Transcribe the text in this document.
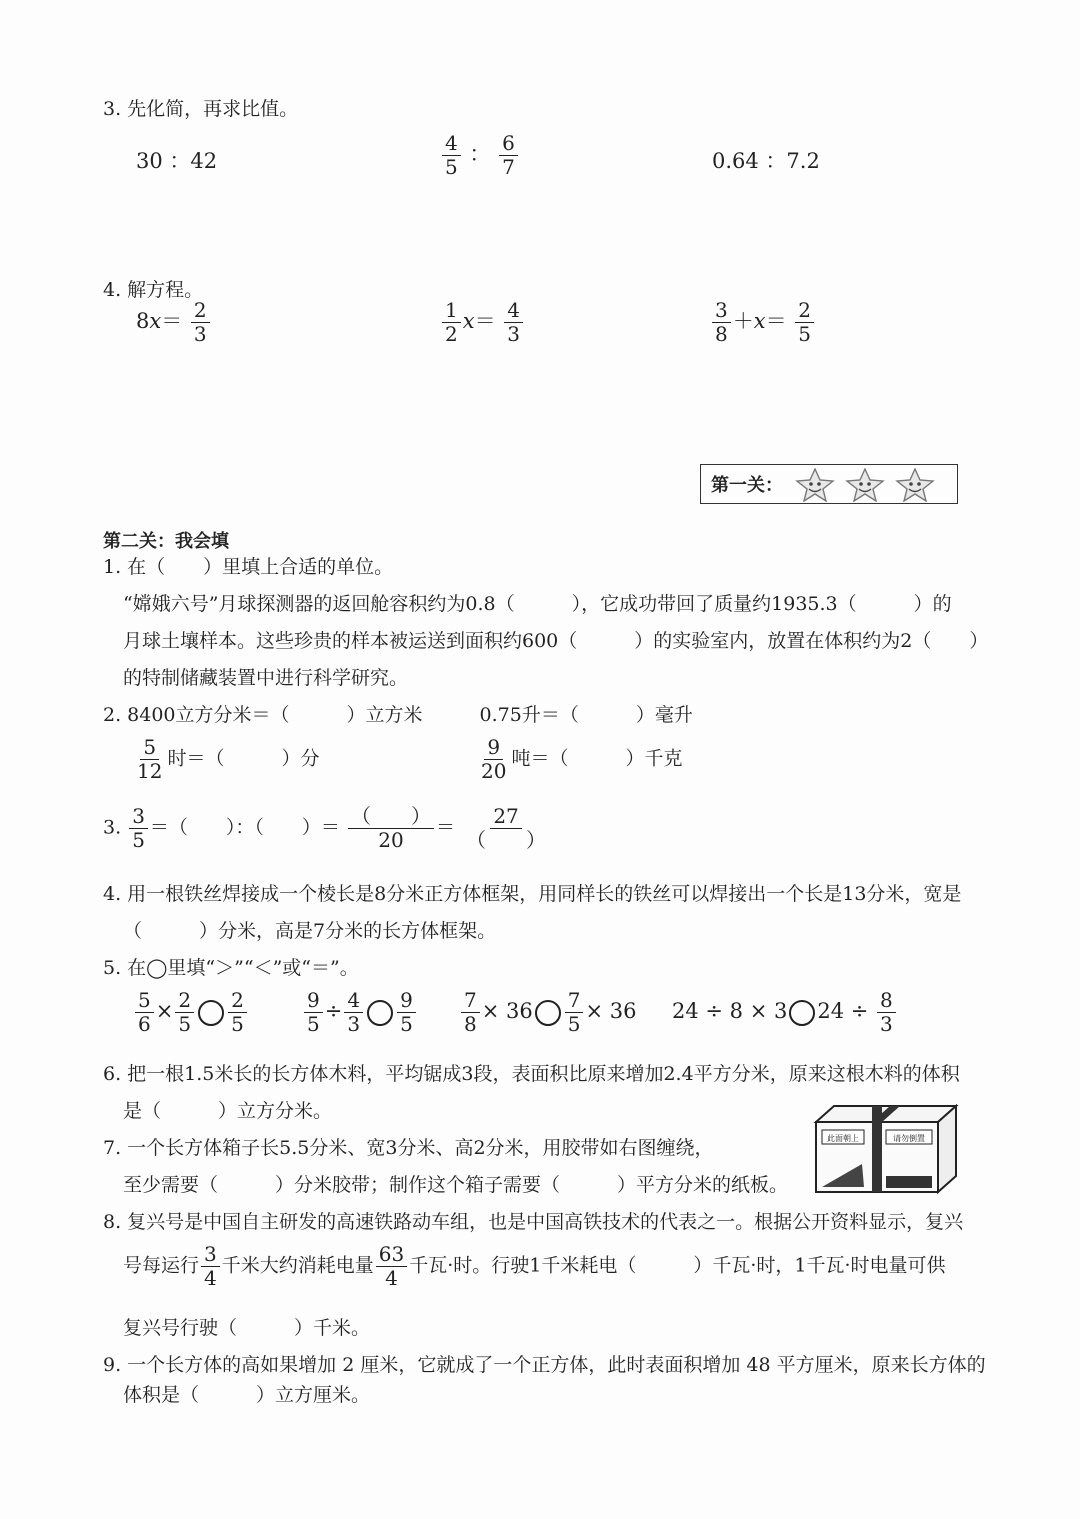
3. 先化简，再求比值。
30 ：42	$\frac{4}{5}$ ： $\frac{6}{7}$	0.64 ：7.2
4. 解方程。
$8x= \frac{2}{3}$	$\frac{1}{2} x= \frac{4}{3}$	$\frac{3}{8} +x= \frac{2}{5}$
第一关：
第二关：我会填
1. 在（　　）里填上合适的单位。
“嫦娥六号”月球探测器的返回舱容积约为0.8（　　　），它成功带回了质量约1935.3（　　　）的
月球土壤样本。这些珍贵的样本被运送到面积约600（　　　）的实验室内，放置在体积约为2（　　）
的特制储藏装置中进行科学研究。
2. 8400立方分米＝（　　　）立方米　　　0.75升＝（　　　）毫升
$\frac{5}{12}$ 时＝（　　　）分	$\frac{9}{20}$ 吨＝（　　　）千克
3. $\frac{3}{5}$ ＝（　　）：（　　）＝ $\frac{( )}{20} = \frac{27}{( )}$
4. 用一根铁丝焊接成一个棱长是8分米正方体框架，用同样长的铁丝可以焊接出一个长是13分米，宽是
（　　　）分米，高是7分米的长方体框架。
5. 在◯里填“＞”“＜”或“＝”。
$\frac{5}{6} \times \frac{2}{5} \frac{2}{5}$	$\frac{9}{5} \div \frac{4}{3} \frac{9}{5} \frac{7}{8} \times 36 \frac{7}{5} \times 36$ 24 ÷ 8 × 3 $24 \div \frac{8}{3}$
6. 把一根1.5米长的长方体木料，平均锯成3段，表面积比原来增加2.4平方分米，原来这根木料的体积
是（　　　）立方分米。
7. 一个长方体箱子长5.5分米、宽3分米、高2分米，用胶带如右图缠绕，
至少需要（　　　）分米胶带；制作这个箱子需要（　　　）平方分米的纸板。
此面朝上	请勿倒置
8. 复兴号是中国自主研发的高速铁路动车组，也是中国高铁技术的代表之一。根据公开资料显示，复兴
号每运行 $\frac{3}{4}$ 千米大约消耗电量 $\frac{63}{4}$ 千瓦·时。行驶1千米耗电（　　　）千瓦·时，1千瓦·时电量可供
复兴号行驶（　　　）千米。
9. 一个长方体的高如果增加 2 厘米，它就成了一个正方体，此时表面积增加 48 平方厘米，原来长方体的
体积是（　　　）立方厘米。
